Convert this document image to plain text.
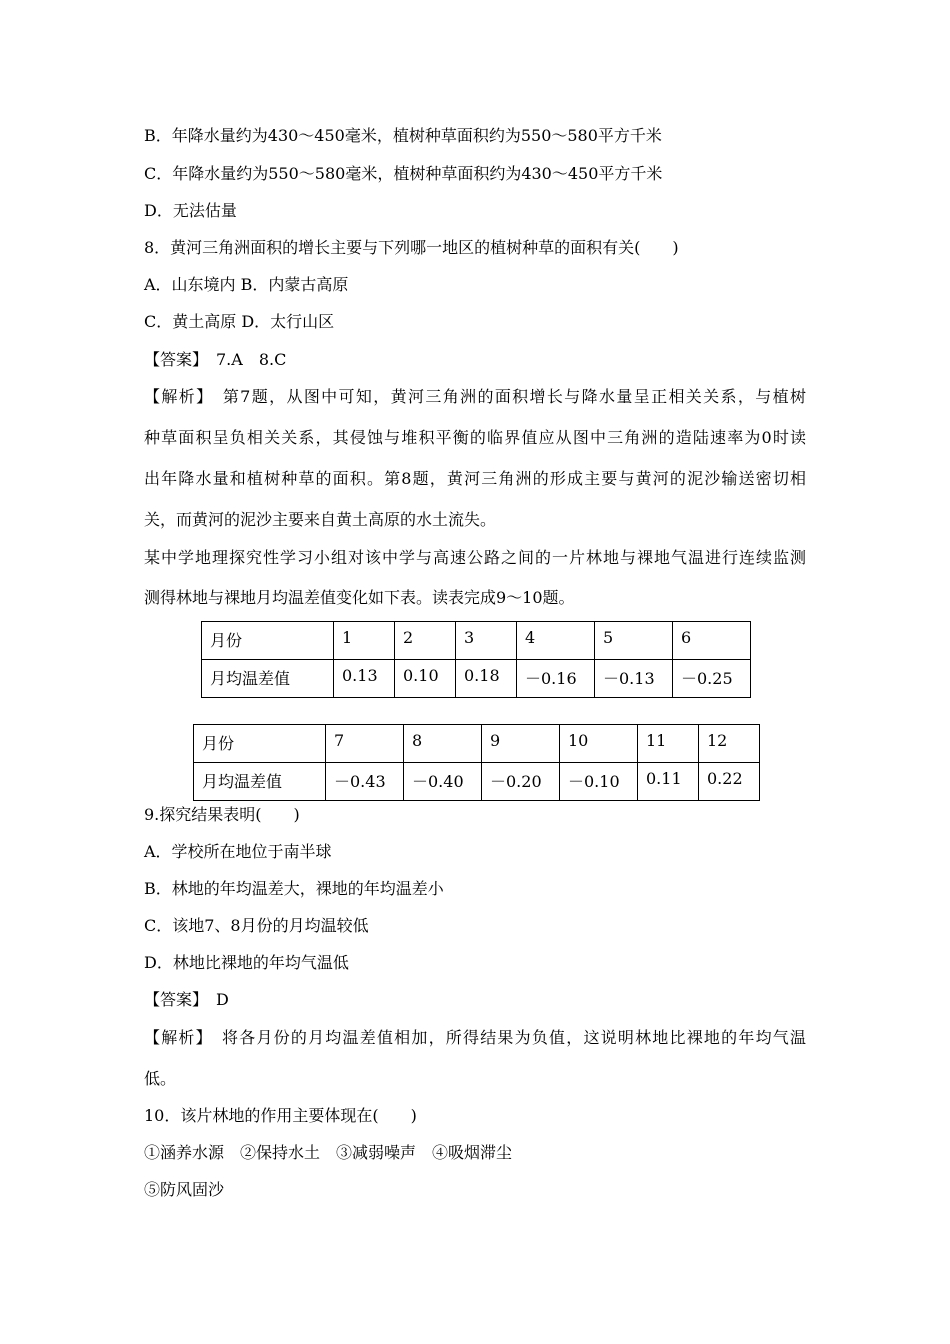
B．年降水量约为430～450毫米，植树种草面积约为550～580平方千米
C．年降水量约为550～580毫米，植树种草面积约为430～450平方千米
D．无法估量
8．黄河三角洲面积的增长主要与下列哪一地区的植树种草的面积有关(　　)
A．山东境内 B．内蒙古高原
C．黄土高原 D．太行山区
【答案】　7.A　8.C
【解析】　第7题，从图中可知，黄河三角洲的面积增长与降水量呈正相关关系，与植树
种草面积呈负相关关系，其侵蚀与堆积平衡的临界值应从图中三角洲的造陆速率为0时读
出年降水量和植树种草的面积。第8题，黄河三角洲的形成主要与黄河的泥沙输送密切相
关，而黄河的泥沙主要来自黄土高原的水土流失。
某中学地理探究性学习小组对该中学与高速公路之间的一片林地与裸地气温进行连续监测
测得林地与裸地月均温差值变化如下表。读表完成9～10题。
月份	1	2	3	4	5	6
月均温差值	0.13	0.10	0.18	－0.16	－0.13	－0.25
月份	7	8	9	10	11	12
月均温差值	－0.43	－0.40	－0.20	－0.10	0.11	0.22
9.探究结果表明(　　)
A．学校所在地位于南半球
B．林地的年均温差大，裸地的年均温差小
C．该地7、8月份的月均温较低
D．林地比裸地的年均气温低
【答案】　D
【解析】　将各月份的月均温差值相加，所得结果为负值，这说明林地比裸地的年均气温
低。
10．该片林地的作用主要体现在(　　)
①涵养水源　②保持水土　③减弱噪声　④吸烟滞尘
⑤防风固沙
